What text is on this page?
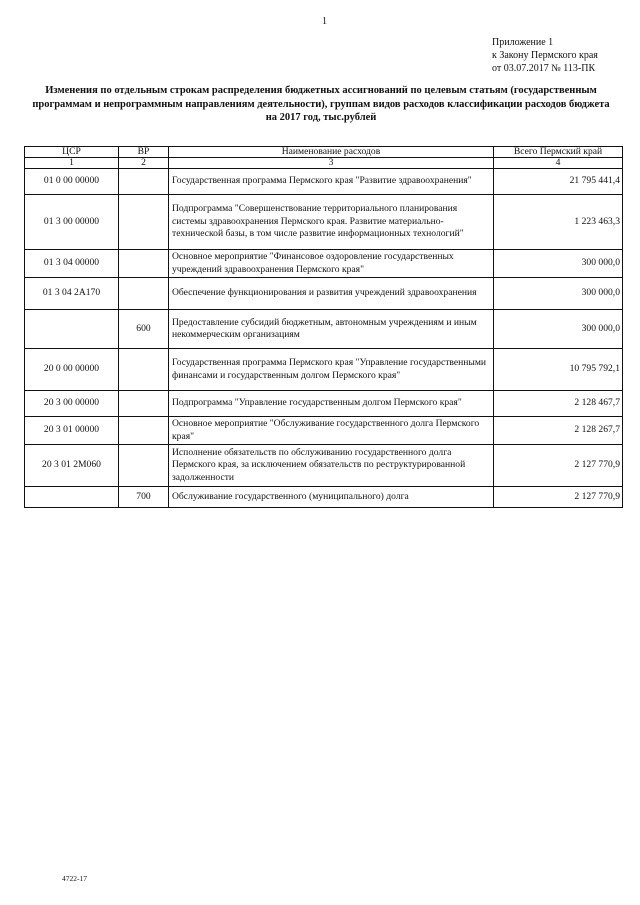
1
Приложение 1
к Закону Пермского края
от 03.07.2017 № 113-ПК
Изменения по отдельным строкам распределения бюджетных ассигнований по целевым статьям (государственным программам и непрограммным направлениям деятельности), группам видов расходов классификации расходов бюджета на 2017 год, тыс.рублей
ЦСР	ВР	Наименование расходов	Всего Пермский край
1	2	3	4
01 0 00 00000		Государственная программа Пермского края "Развитие здравоохранения"	21 795 441,4
01 3 00 00000		Подпрограмма "Совершенствование территориального планирования системы здравоохранения Пермского края. Развитие материально-технической базы, в том числе развитие информационных технологий"	1 223 463,3
01 3 04 00000		Основное мероприятие "Финансовое оздоровление государственных учреждений здравоохранения Пермского края"	300 000,0
01 3 04 2А170		Обеспечение функционирования и развития учреждений здравоохранения	300 000,0
	600	Предоставление субсидий бюджетным, автономным учреждениям и иным некоммерческим организациям	300 000,0
20 0 00 00000		Государственная программа Пермского края "Управление государственными финансами и государственным долгом Пермского края"	10 795 792,1
20 3 00 00000		Подпрограмма "Управление государственным долгом Пермского края"	2 128 467,7
20 3 01 00000		Основное мероприятие "Обслуживание государственного долга Пермского края"	2 128 267,7
20 3 01 2М060		Исполнение обязательств по обслуживанию государственного долга Пермского края, за исключением обязательств по реструктурированной задолженности	2 127 770,9
	700	Обслуживание государственного (муниципального) долга	2 127 770,9
4722-17
